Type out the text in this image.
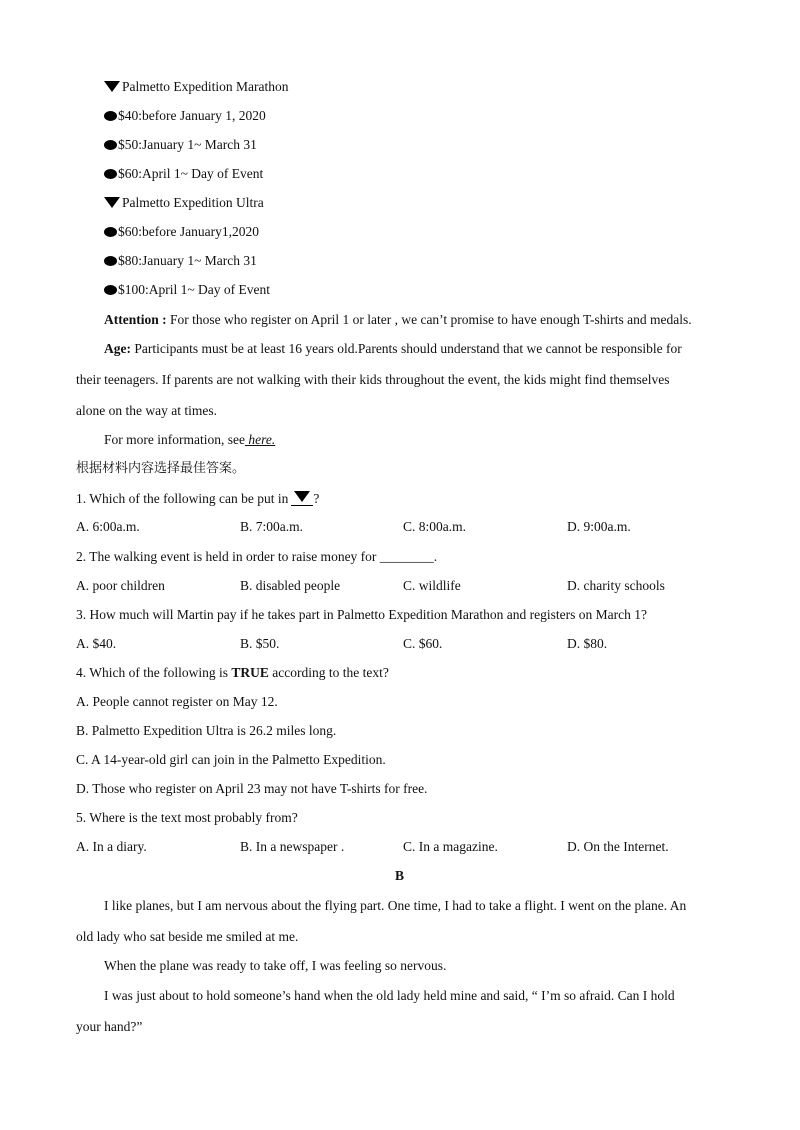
Palmetto Expedition Marathon
$40:before January 1, 2020
$50:January 1~ March 31
$60:April 1~ Day of Event
Palmetto Expedition Ultra
$60:before January1,2020
$80:January 1~ March 31
$100:April 1~ Day of Event
Attention : For those who register on April 1 or later , we can’t promise to have enough T-shirts and medals.
Age: Participants must be at least 16 years old.Parents should understand that we cannot be responsible for
their teenagers. If parents are not walking with their kids throughout the event, the kids might find themselves
alone on the way at times.
For more information, see here.
根据材料内容选择最佳答案。
1. Which of the following can be put in ?
A. 6:00a.m.	B. 7:00a.m.	C. 8:00a.m.	D. 9:00a.m.
2. The walking event is held in order to raise money for ________.
A. poor children	B. disabled people	C. wildlife	D. charity schools
3. How much will Martin pay if he takes part in Palmetto Expedition Marathon and registers on March 1?
A. $40.	B. $50.	C. $60.	D. $80.
4. Which of the following is TRUE according to the text?
A. People cannot register on May 12.
B. Palmetto Expedition Ultra is 26.2 miles long.
C. A 14-year-old girl can join in the Palmetto Expedition.
D. Those who register on April 23 may not have T-shirts for free.
5. Where is the text most probably from?
A. In a diary.	B. In a newspaper .	C. In a magazine.	D. On the Internet.
B
I like planes, but I am nervous about the flying part. One time, I had to take a flight. I went on the plane. An
old lady who sat beside me smiled at me.
When the plane was ready to take off, I was feeling so nervous.
I was just about to hold someone’s hand when the old lady held mine and said, “ I’m so afraid. Can I hold
your hand?”
